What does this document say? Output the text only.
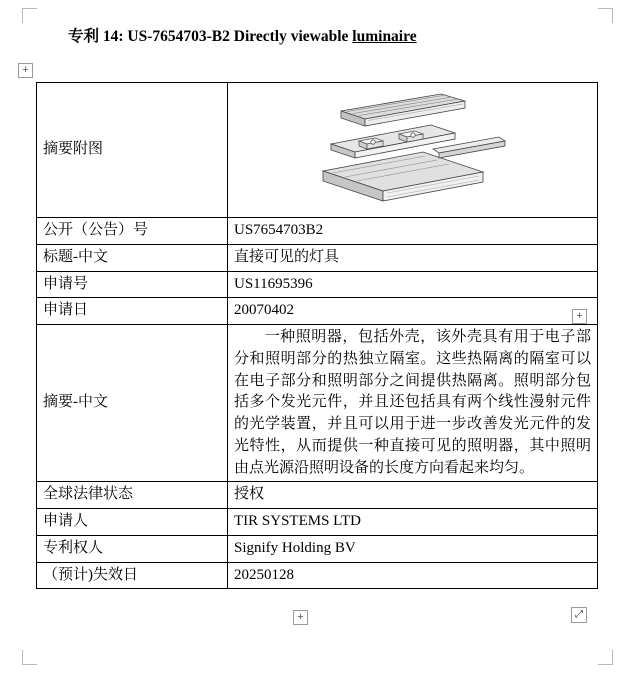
专利 14: US-7654703-B2 Directly viewable luminaire
摘要附图	

公开（公告）号	US7654703B2
标题-中文	直接可见的灯具
申请号	US11695396
申请日	20070402
摘要-中文	一种照明器，包括外壳，该外壳具有用于电子部分和照明部分的热独立隔室。这些热隔离的隔室可以在电子部分和照明部分之间提供热隔离。照明部分包括多个发光元件，并且还包括具有两个线性漫射元件的光学装置，并且可以用于进一步改善发光元件的发光特性，从而提供一种直接可见的照明器，其中照明由点光源沿照明设备的长度方向看起来均匀。
全球法律状态	授权
申请人	TIR SYSTEMS LTD
专利权人	Signify Holding BV
（预计)失效日	20250128
+
+
+	⤢
